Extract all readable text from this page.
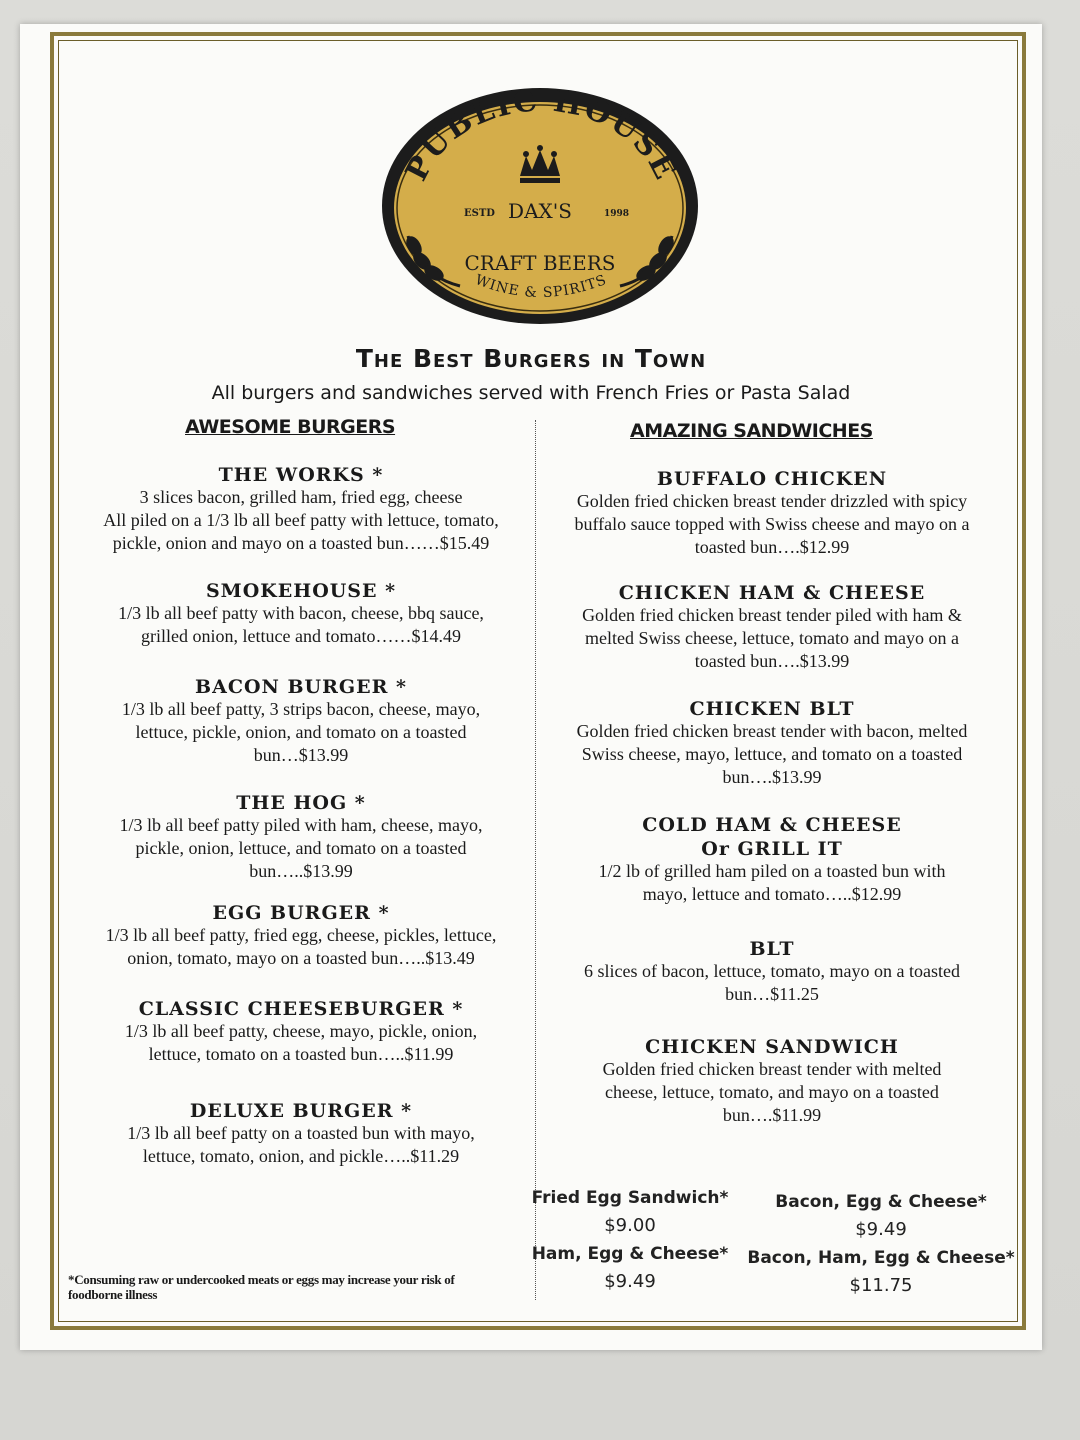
PUBLIC HOUSE
ESTD DAX'S	1998
CRAFT BEERS
WINE & SPIRITS
The Best Burgers in Town
All burgers and sandwiches served with French Fries or Pasta Salad
AWESOME BURGERS
THE WORKS *
3 slices bacon, grilled ham, fried egg, cheese
All piled on a 1/3 lb all beef patty with lettuce, tomato,
pickle, onion and mayo on a toasted bun……$15.49
SMOKEHOUSE *
1/3 lb all beef patty with bacon, cheese, bbq sauce,
grilled onion, lettuce and tomato……$14.49
BACON BURGER *
1/3 lb all beef patty, 3 strips bacon, cheese, mayo,
lettuce, pickle, onion, and tomato on a toasted
bun…$13.99
THE HOG *
1/3 lb all beef patty piled with ham, cheese, mayo,
pickle, onion, lettuce, and tomato on a toasted
bun…..$13.99
EGG BURGER *
1/3 lb all beef patty, fried egg, cheese, pickles, lettuce,
onion, tomato, mayo on a toasted bun…..$13.49
CLASSIC CHEESEBURGER *
1/3 lb all beef patty, cheese, mayo, pickle, onion,
lettuce, tomato on a toasted bun…..$11.99
DELUXE BURGER *
1/3 lb all beef patty on a toasted bun with mayo,
lettuce, tomato, onion, and pickle…..$11.29
AMAZING SANDWICHES
BUFFALO CHICKEN
Golden fried chicken breast tender drizzled with spicy
buffalo sauce topped with Swiss cheese and mayo on a
toasted bun….$12.99
CHICKEN HAM & CHEESE
Golden fried chicken breast tender piled with ham &
melted Swiss cheese, lettuce, tomato and mayo on a
toasted bun….$13.99
CHICKEN BLT
Golden fried chicken breast tender with bacon, melted
Swiss cheese, mayo, lettuce, and tomato on a toasted
bun….$13.99
COLD HAM & CHEESE
Or GRILL IT
1/2 lb of grilled ham piled on a toasted bun with
mayo, lettuce and tomato…..$12.99
BLT
6 slices of bacon, lettuce, tomato, mayo on a toasted
bun…$11.25
CHICKEN SANDWICH
Golden fried chicken breast tender with melted
cheese, lettuce, tomato, and mayo on a toasted
bun….$11.99
Fried Egg Sandwich*
$9.00
Bacon, Egg & Cheese*
$9.49
Ham, Egg & Cheese*
$9.49
Bacon, Ham, Egg & Cheese*
$11.75
*Consuming raw or undercooked meats or eggs may increase your risk of
foodborne illness
